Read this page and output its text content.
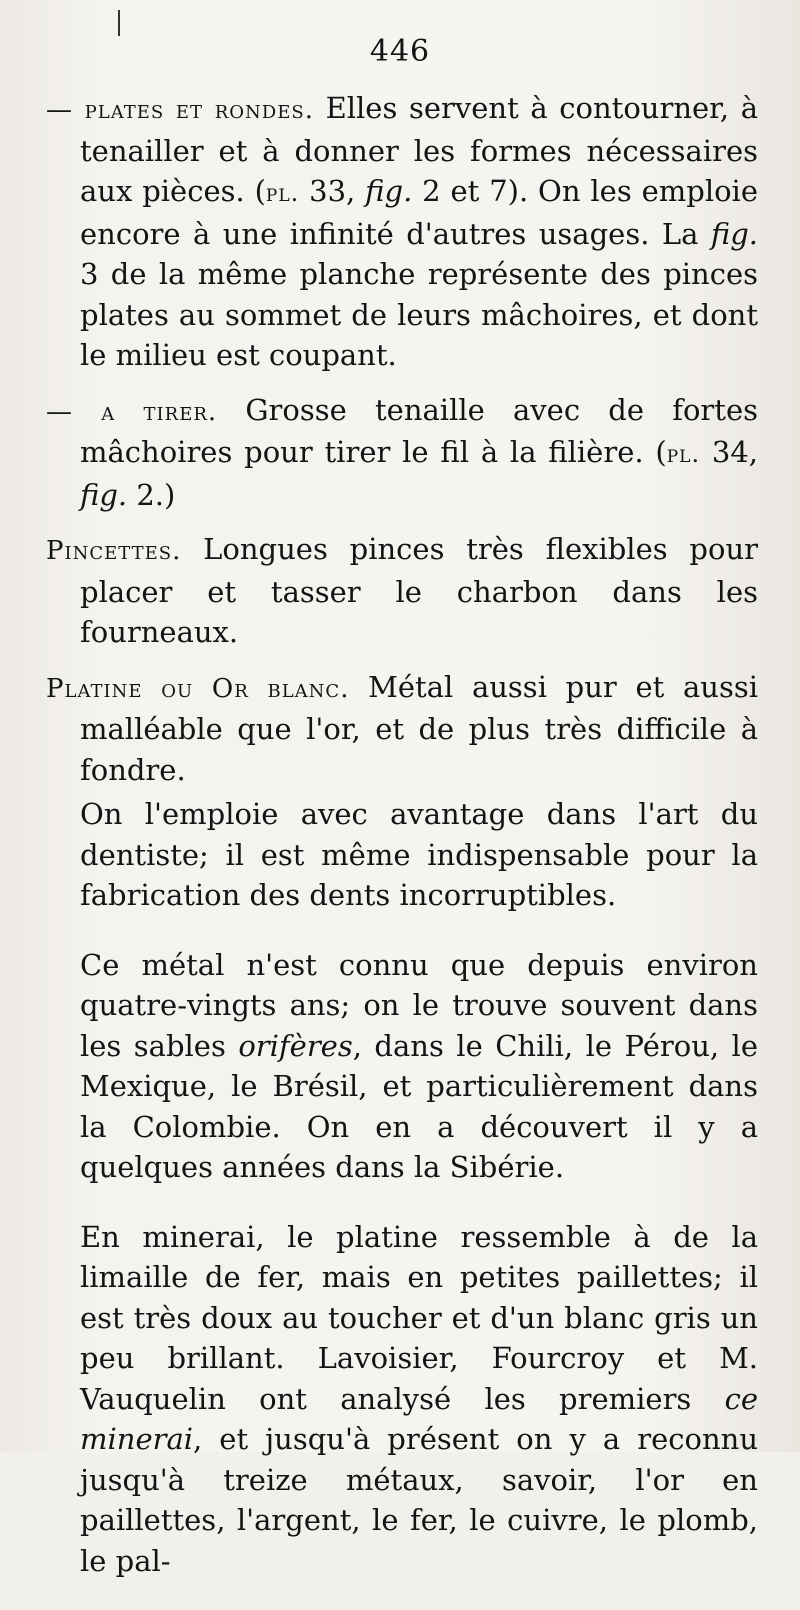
446

— plates et rondes. Elles servent à contourner, à tenailler et à donner les formes nécessaires aux pièces. (pl. 33, fig. 2 et 7). On les emploie encore à une infinité d'autres usages. La fig. 3 de la même planche représente des pinces plates au sommet de leurs mâchoires, et dont le milieu est coupant.

— a tirer. Grosse tenaille avec de fortes mâchoires pour tirer le fil à la filière. (pl. 34, fig. 2.)

Pincettes. Longues pinces très flexibles pour placer et tasser le charbon dans les fourneaux.

Platine ou Or blanc. Métal aussi pur et aussi malléable que l'or, et de plus très difficile à fondre.

On l'emploie avec avantage dans l'art du dentiste; il est même indispensable pour la fabrication des dents incorruptibles.

Ce métal n'est connu que depuis environ quatre-vingts ans; on le trouve souvent dans les sables orifères, dans le Chili, le Pérou, le Mexique, le Brésil, et particulièrement dans la Colombie. On en a découvert il y a quelques années dans la Sibérie.

En minerai, le platine ressemble à de la limaille de fer, mais en petites paillettes; il est très doux au toucher et d'un blanc gris un peu brillant. Lavoisier, Fourcroy et M. Vauquelin ont analysé les premiers ce minerai, et jusqu'à présent on y a reconnu jusqu'à treize métaux, savoir, l'or en paillettes, l'argent, le fer, le cuivre, le plomb, le pal-
